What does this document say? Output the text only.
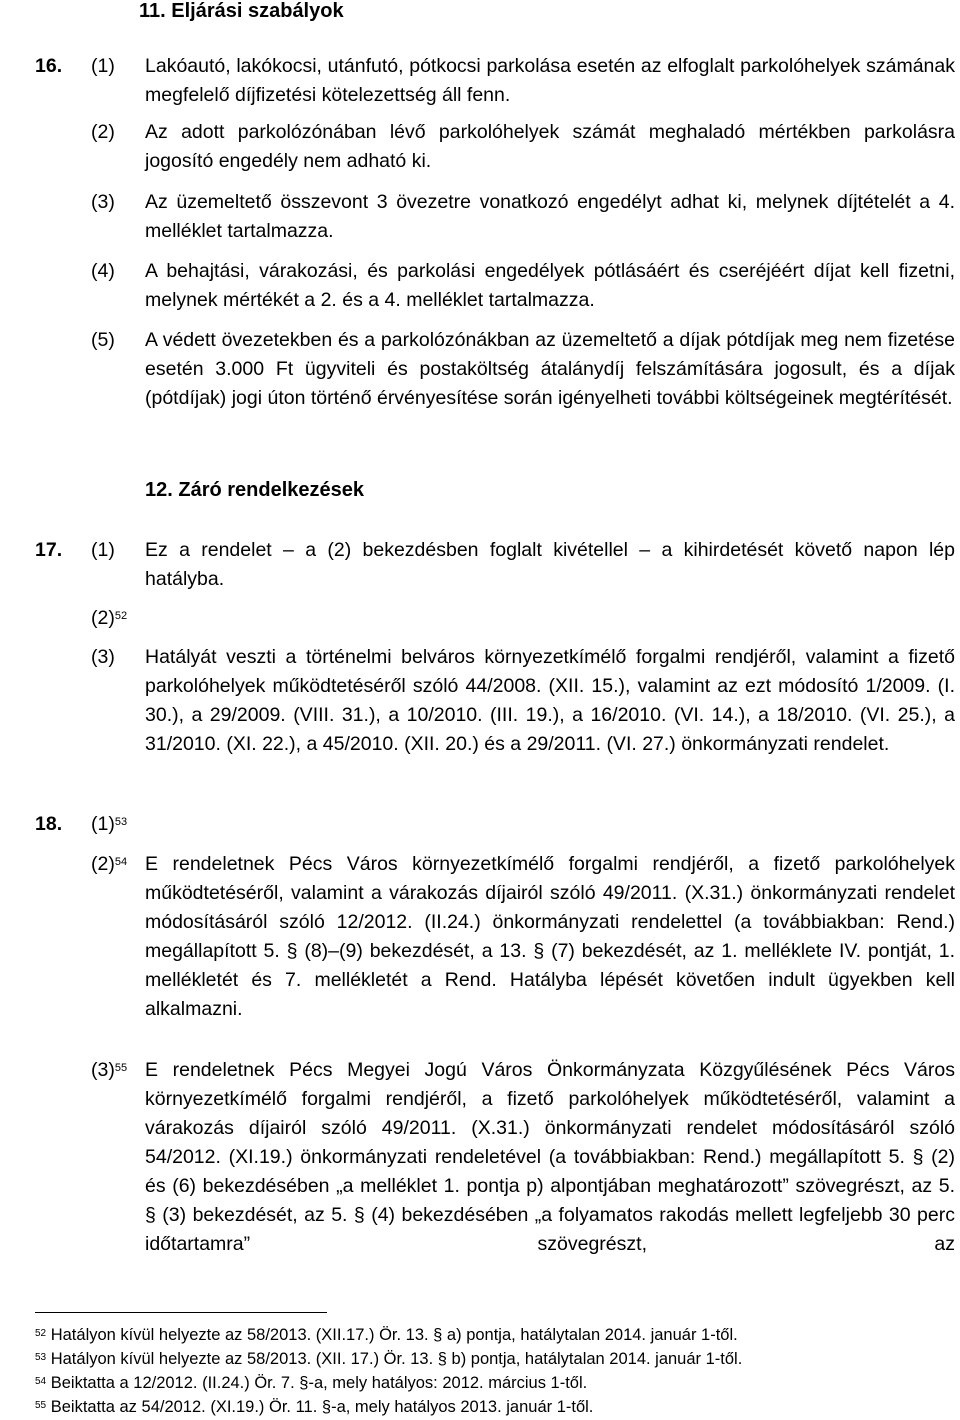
11. Eljárási szabályok
16.	(1) Lakóautó, lakókocsi, utánfutó, pótkocsi parkolása esetén az elfoglalt parkolóhelyek számának megfelelő díjfizetési kötelezettség áll fenn.
(2) Az adott parkolózónában lévő parkolóhelyek számát meghaladó mértékben parkolásra jogosító engedély nem adható ki.
(3) Az üzemeltető összevont 3 övezetre vonatkozó engedélyt adhat ki, melynek díjtételét a 4. melléklet tartalmazza.
(4) A behajtási, várakozási, és parkolási engedélyek pótlásáért és cseréjéért díjat kell fizetni, melynek mértékét a 2. és a 4. melléklet tartalmazza.
(5) A védett övezetekben és a parkolózónákban az üzemeltető a díjak pótdíjak meg nem fizetése esetén 3.000 Ft ügyviteli és postaköltség átalánydíj felszámítására jogosult, és a díjak (pótdíjak) jogi úton történő érvényesítése során igényelheti további költségeinek megtérítését.
12. Záró rendelkezések
17.	(1) Ez a rendelet – a (2) bekezdésben foglalt kivétellel – a kihirdetését követő napon lép hatályba.
$(2)^{52}$
(3) Hatályát veszti a történelmi belváros környezetkímélő forgalmi rendjéről, valamint a fizető parkolóhelyek működtetéséről szóló 44/2008. (XII. 15.), valamint az ezt módosító 1/2009. (I. 30.), a 29/2009. (VIII. 31.), a 10/2010. (III. 19.), a 16/2010. (VI. 14.), a 18/2010. (VI. 25.), a 31/2010. (XI. 22.), a 45/2010. (XII. 20.) és a 29/2011. (VI. 27.) önkormányzati rendelet.
18.	$(1)^{53}$
$(2)^{54}$ E rendeletnek Pécs Város környezetkímélő forgalmi rendjéről, a fizető parkolóhelyek működtetéséről, valamint a várakozás díjairól szóló 49/2011. (X.31.) önkormányzati rendelet módosításáról szóló 12/2012. (II.24.) önkormányzati rendelettel (a továbbiakban: Rend.) megállapított 5. § (8)–(9) bekezdését, a 13. § (7) bekezdését, az 1. melléklete IV. pontját, 1. mellékletét és 7. mellékletét a Rend. Hatályba lépését követően indult ügyekben kell alkalmazni.
$(3)^{55}$ E rendeletnek Pécs Megyei Jogú Város Önkormányzata Közgyűlésének Pécs Város környezetkímélő forgalmi rendjéről, a fizető parkolóhelyek működtetéséről, valamint a várakozás díjairól szóló 49/2011. (X.31.) önkormányzati rendelet módosításáról szóló 54/2012. (XI.19.) önkormányzati rendeletével (a továbbiakban: Rend.) megállapított 5. § (2) és (6) bekezdésében „a melléklet 1. pontja p) alpontjában meghatározott” szövegrészt, az 5. § (3) bekezdését, az 5. § (4) bekezdésében „a folyamatos rakodás mellett legfeljebb 30 perc időtartamra” szövegrészt, az
$^{52}$ Hatályon kívül helyezte az 58/2013. (XII.17.) Ör. 13. § a) pontja, hatálytalan 2014. január 1-től.
$^{53}$ Hatályon kívül helyezte az 58/2013. (XII. 17.) Ör. 13. § b) pontja, hatálytalan 2014. január 1-től.
$^{54}$ Beiktatta a 12/2012. (II.24.) Ör. 7. §-a, mely hatályos: 2012. március 1-től.
$^{55}$ Beiktatta az 54/2012. (XI.19.) Ör. 11. §-a, mely hatályos 2013. január 1-től.
